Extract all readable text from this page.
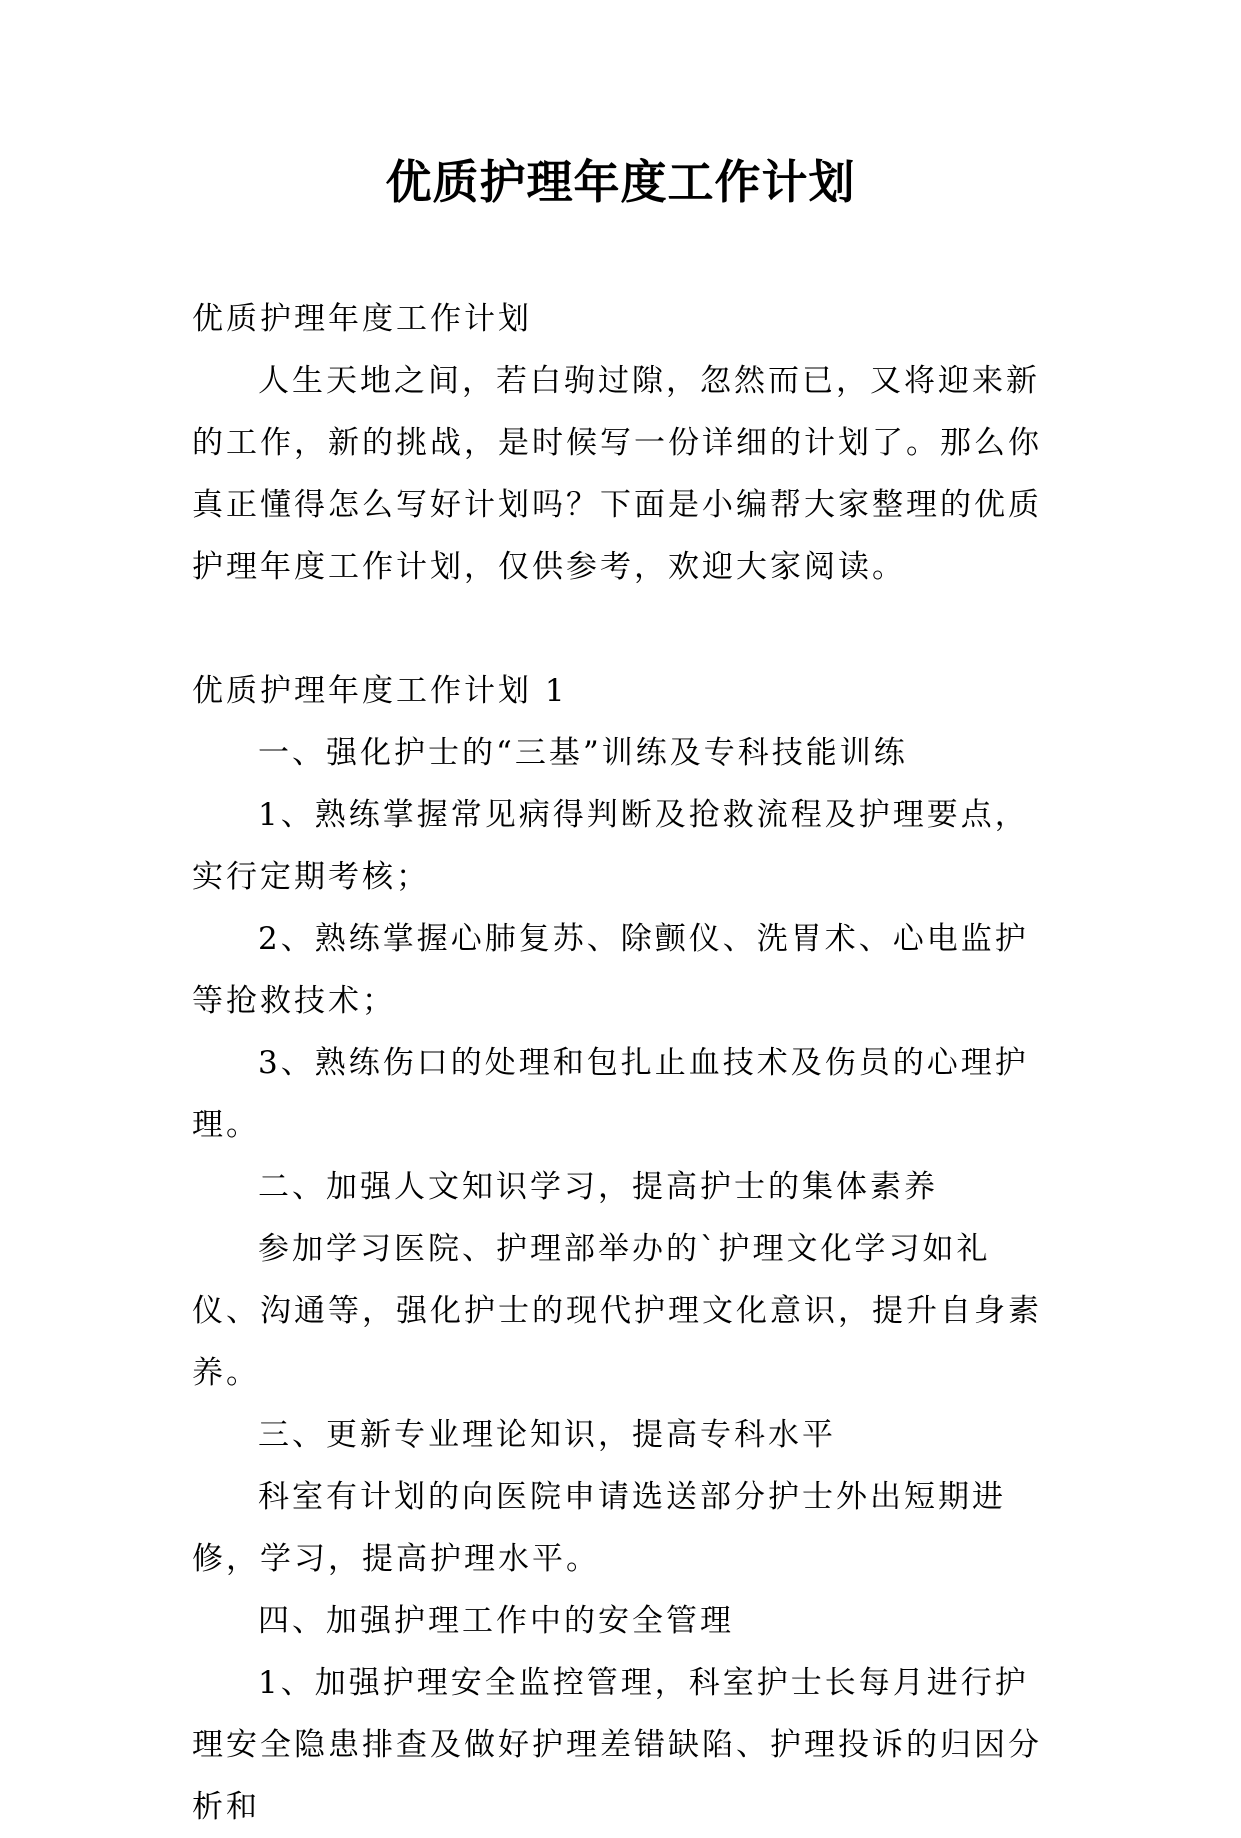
优质护理年度工作计划

优质护理年度工作计划

人生天地之间，若白驹过隙，忽然而已，又将迎来新的工作，新的挑战，是时候写一份详细的计划了。那么你真正懂得怎么写好计划吗？下面是小编帮大家整理的优质护理年度工作计划，仅供参考，欢迎大家阅读。

优质护理年度工作计划 1

一、强化护士的“三基”训练及专科技能训练

1、熟练掌握常见病得判断及抢救流程及护理要点，实行定期考核；

2、熟练掌握心肺复苏、除颤仪、洗胃术、心电监护等抢救技术；

3、熟练伤口的处理和包扎止血技术及伤员的心理护理。

二、加强人文知识学习，提高护士的集体素养

参加学习医院、护理部举办的`护理文化学习如礼仪、沟通等，强化护士的现代护理文化意识，提升自身素养。

三、更新专业理论知识，提高专科水平

科室有计划的向医院申请选送部分护士外出短期进修，学习，提高护理水平。

四、加强护理工作中的安全管理

1、加强护理安全监控管理，科室护士长每月进行护理安全隐患排查及做好护理差错缺陷、护理投诉的归因分析和
